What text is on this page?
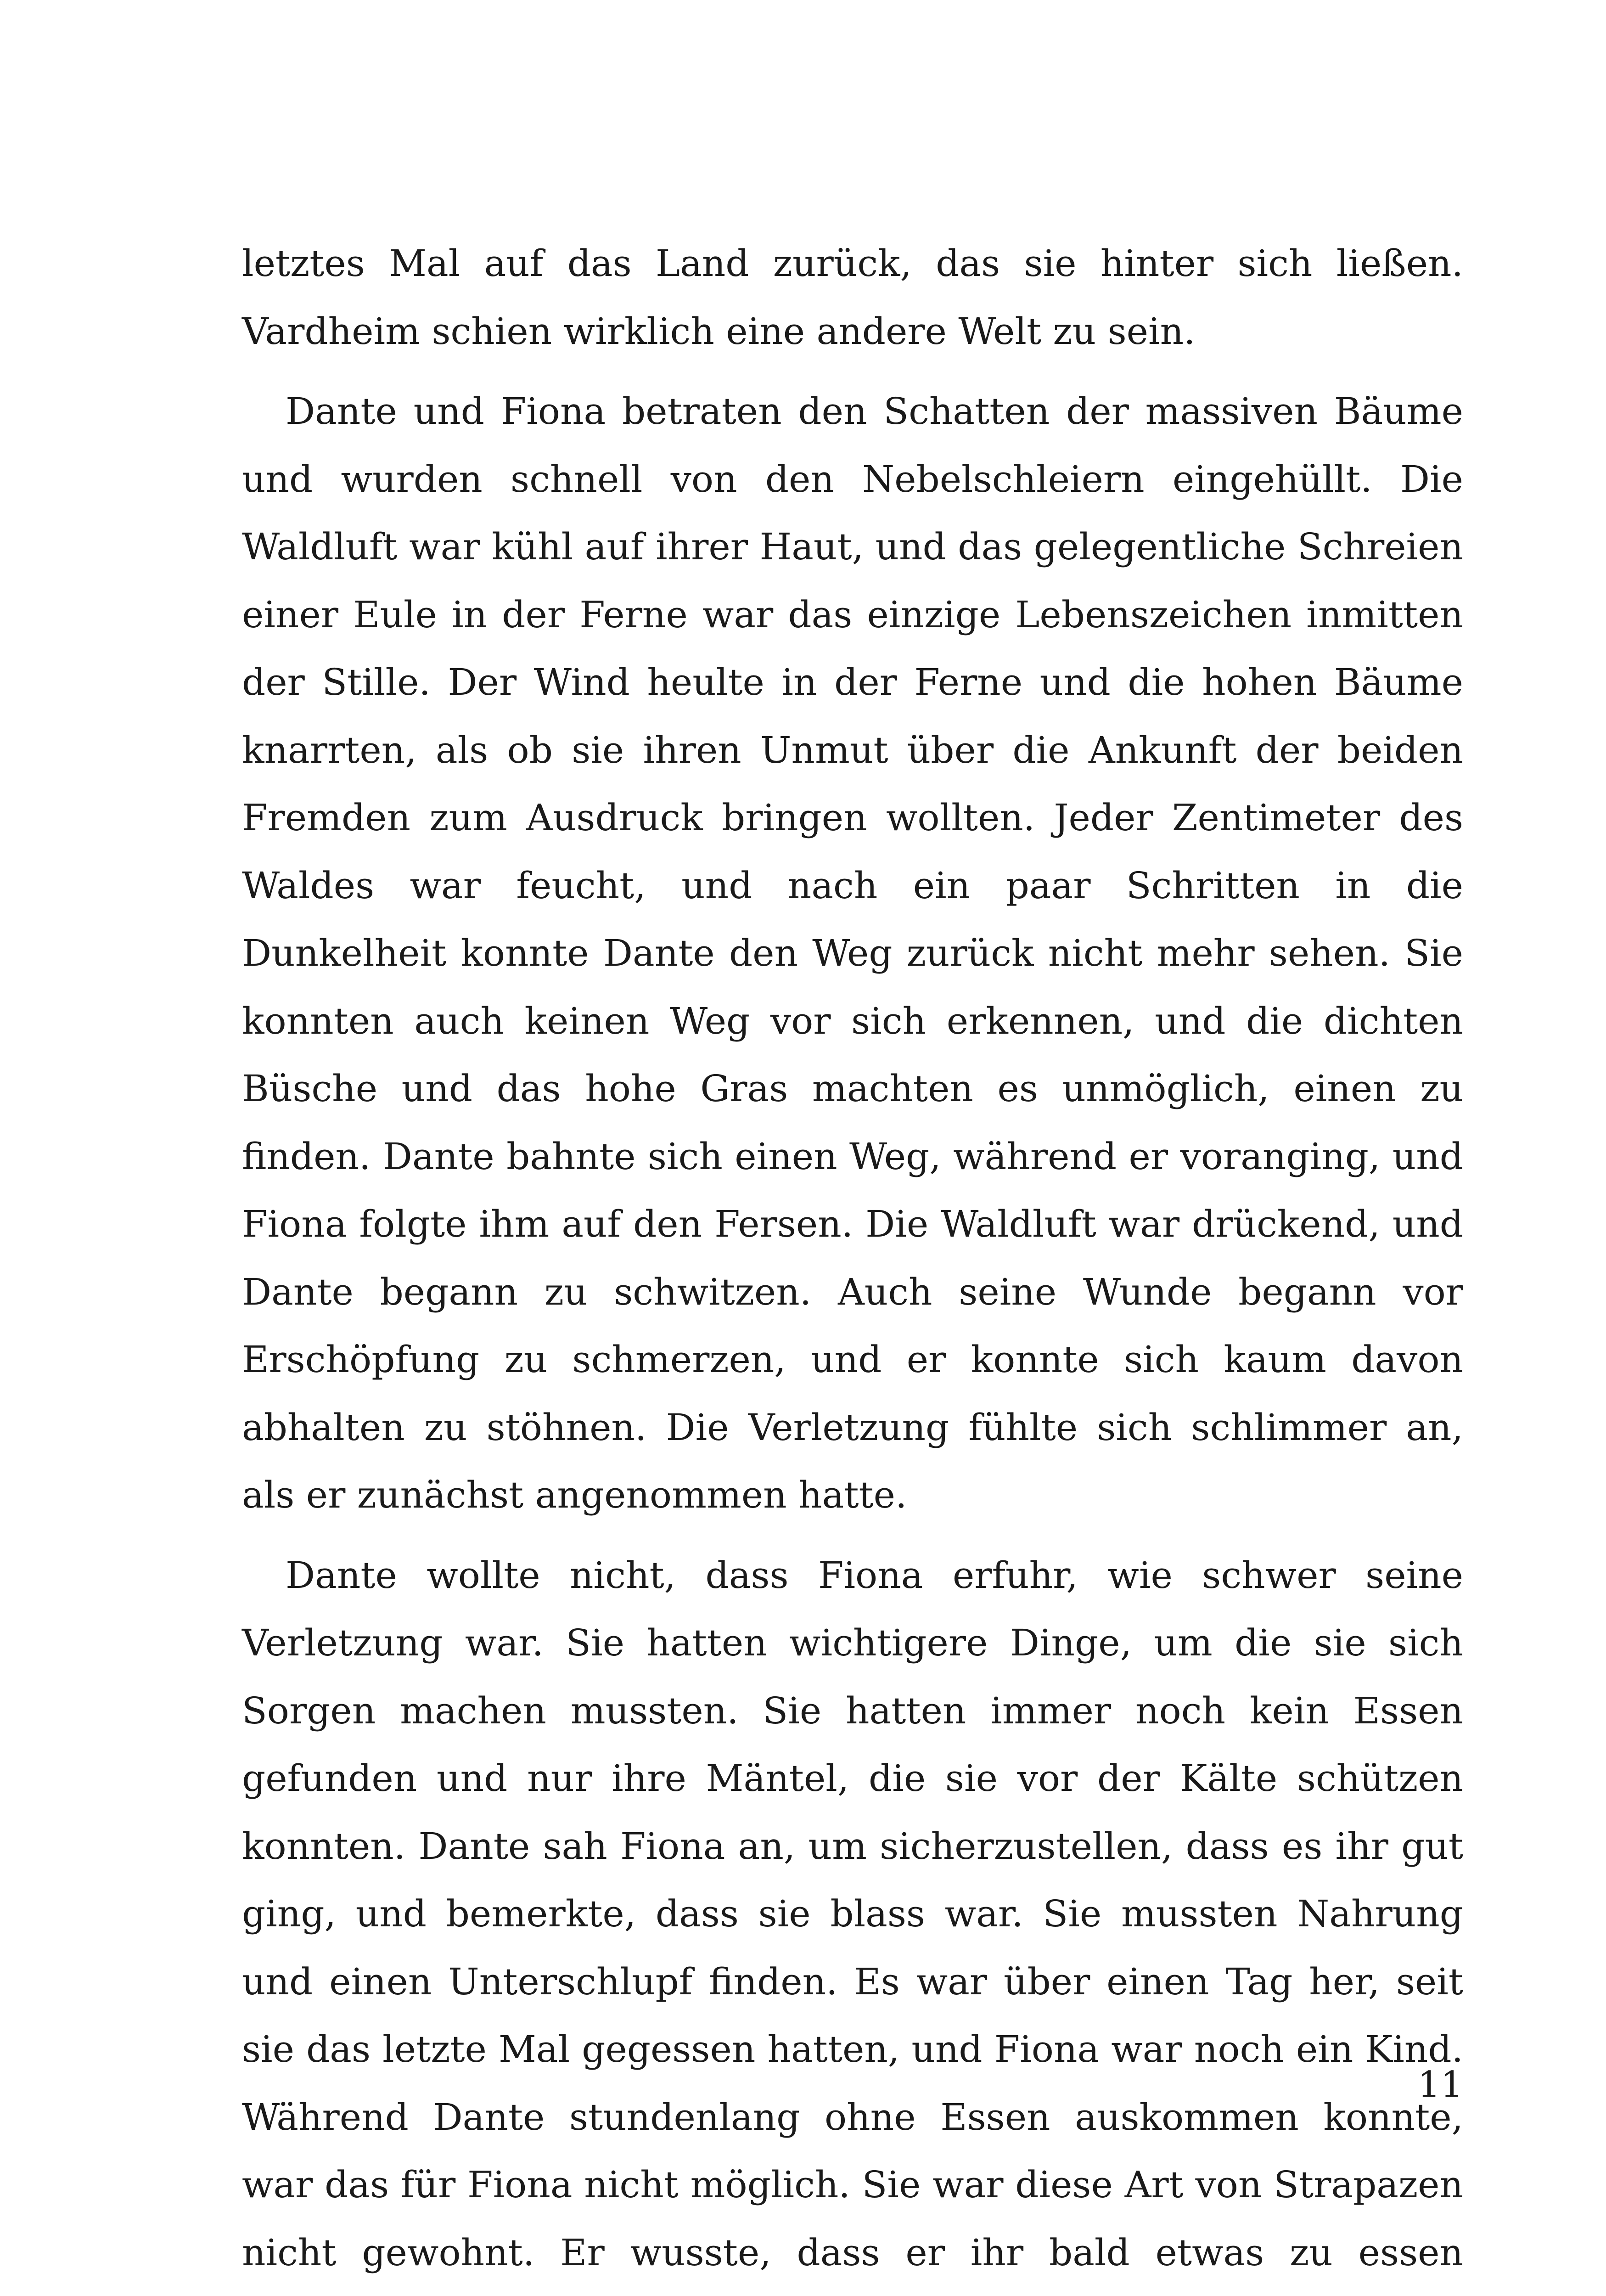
letztes Mal auf das Land zurück, das sie hinter sich ließen. Vardheim schien wirklich eine andere Welt zu sein.

Dante und Fiona betraten den Schatten der massiven Bäume und wurden schnell von den Nebelschleiern eingehüllt. Die Waldluft war kühl auf ihrer Haut, und das gelegentliche Schreien einer Eule in der Ferne war das einzige Lebenszeichen inmitten der Stille. Der Wind heulte in der Ferne und die hohen Bäume knarrten, als ob sie ihren Unmut über die Ankunft der beiden Fremden zum Ausdruck bringen wollten. Jeder Zentimeter des Waldes war feucht, und nach ein paar Schritten in die Dunkelheit konnte Dante den Weg zurück nicht mehr sehen. Sie konnten auch keinen Weg vor sich erkennen, und die dichten Büsche und das hohe Gras machten es unmöglich, einen zu finden. Dante bahnte sich einen Weg, während er voranging, und Fiona folgte ihm auf den Fersen. Die Waldluft war drückend, und Dante begann zu schwitzen. Auch seine Wunde begann vor Erschöpfung zu schmerzen, und er konnte sich kaum davon abhalten zu stöhnen. Die Verletzung fühlte sich schlimmer an, als er zunächst angenommen hatte.

Dante wollte nicht, dass Fiona erfuhr, wie schwer seine Verletzung war. Sie hatten wichtigere Dinge, um die sie sich Sorgen machen mussten. Sie hatten immer noch kein Essen gefunden und nur ihre Mäntel, die sie vor der Kälte schützen konnten. Dante sah Fiona an, um sicherzustellen, dass es ihr gut ging, und bemerkte, dass sie blass war. Sie mussten Nahrung und einen Unterschlupf finden. Es war über einen Tag her, seit sie das letzte Mal gegessen hatten, und Fiona war noch ein Kind. Während Dante stundenlang ohne Essen auskommen konnte, war das für Fiona nicht möglich. Sie war diese Art von Strapazen nicht gewohnt. Er wusste, dass er ihr bald etwas zu essen

11
